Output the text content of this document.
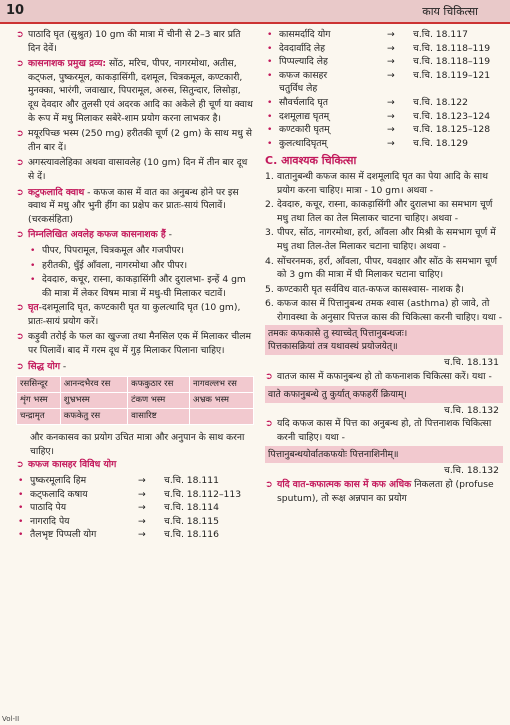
10	काय चिकित्सा
➲ पाठादि घृत (सुश्रुत) 10 gm की मात्रा में चीनी से 2–3 बार प्रति दिन देवें।
➲ कासनाशक प्रमुख द्रव्य: सोंठ, मरिच, पीपर, नागरमोथा, अतीस, कट्फल, पुष्करमूल, काकड़ासिंगी, दशमूल, चित्रकमूल, कण्टकारी, मुनक्का, भारंगी, जवाखार, पिपरामूल, अरुस, सितुन्दार, लिसोड़ा, दूध देवदार और तुलसी एवं अदरक आदि का अकेले ही चूर्ण या क्वाथ के रूप में मधु मिलाकर सबेरे-शाम प्रयोग करना लाभकर है।
➲ मयूरपिच्छ भस्म (250 mg) हरीतकी चूर्ण (2 gm) के साथ मधु से तीन बार दें।
➲ अगस्त्यावलेहिका अथवा वासावलेह (10 gm) दिन में तीन बार दूध से दें।
➲ कटुफलादि क्वाथ - कफज कास में वात का अनुबन्ध होने पर इस क्वाथ में मधु और भुनी हींग का प्रक्षेप कर प्रातः-सायं पिलावें। (चरकसंहिता)
➲ निम्नलिखित अवलेह कफज कासनाशक हैं -
• पीपर, पिपरामूल, चित्रकमूल और गजपीपर।
• हरीतकी, धुँई आँवला, नागरमोथा और पीपर।
• देवदारु, कचूर, रास्ना, काकड़ासिंगी और दुरालभा- इन्हें 4 gm की मात्रा में लेकर विषम मात्रा में मधु-घी मिलाकर चटावें।
➲ घृत-दशमूलादि घृत, कण्टकारी घृत या कुलत्थादि घृत (10 gm), प्रातः-सायं प्रयोग करें।
➲ कड़ुवी तरोई के फल का खुज्जा तथा मैनसिल एक में मिलाकर चीलम पर पिलावें। बाद में गरम दूध में गुड़ मिलाकर पिलाना चाहिए।
➲ सिद्ध योग -
रससिन्दूर	आनन्दभैरव रस	कफकुठार रस	नागवल्लभ रस
शृंग भस्म	शुभ्रभस्म	टंकण भस्म	अभ्रक भस्म
चन्द्रामृत	कफकेतु रस	वासारिष्ट	
और कनकासव का प्रयोग उचित मात्रा और अनुपान के साथ करना चाहिए।
➲ कफज कासहर विविध योग
• पुष्करमूलादि हिम	→	च.चि. 18.111
• कट्फलादि कषाय	→	च.चि. 18.112–113
• पाठादि पेय	→	च.चि. 18.114
• नागरादि पेय	→	च.चि. 18.115
• तैलभृष्ट पिप्पली योग	→	च.चि. 18.116
• कासमर्दादि योग	→	च.चि. 18.117
• देवदार्वादि लेह	→	च.चि. 18.118–119
• पिप्पल्यादि लेह	→	च.चि. 18.118–119
• कफज कासहर	→	च.चि. 18.119–121
चतुर्विध लेह
• सौवर्चलादि घृत	→	च.चि. 18.122
• दशमूलाद्य घृतम्	→	च.चि. 18.123–124
• कण्टकारी घृतम्	→	च.चि. 18.125–128
• कुलत्थादिघृतम्	→	च.चि. 18.129
C. आवश्यक चिकित्सा
1. वातानुबन्धी कफज कास में दशमूलादि घृत का पेया आदि के साथ प्रयोग करना चाहिए। मात्रा - 10 gm। अथवा -
2. देवदारु, कचूर, रास्ना, काकड़ासिंगी और दुरालभा का समभाग चूर्ण मधु तथा तिल का तेल मिलाकर चाटना चाहिए। अथवा -
3. पीपर, सोंठ, नागरमोथा, हर्रा, आँवला और मिश्री के समभाग चूर्ण में मधु तथा तिल-तेल मिलाकर चटाना चाहिए। अथवा -
4. सोंचरनमक, हर्रा, आँवला, पीपर, यवक्षार और सोंठ के समभाग चूर्ण को 3 gm की मात्रा में घी मिलाकर चटाना चाहिए।
5. कण्टकारी घृत सर्वविध वात-कफज कासश्वास- नाशक है।
6. कफज कास में पित्तानुबन्ध तमक श्वास (asthma) हो जावे, तो रोगावस्था के अनुसार पित्तज कास की चिकित्सा करनी चाहिए। यथा -
तमकः कफकासे तु स्याच्चेत् पित्तानुबन्धजः।
पित्तकासक्रियां तत्र यथावस्थं प्रयोजयेत्॥
च.चि. 18.131
➲ वातज कास में कफानुबन्ध हो तो कफनाशक चिकित्सा करें। यथा -
वाते कफानुबन्धे तु कुर्यात् कफहरीं क्रियाम्।
च.चि. 18.132
➲ यदि कफज कास में पित्त का अनुबन्ध हो, तो पित्तनाशक चिकित्सा करनी चाहिए। यथा -
पित्तानुबन्धयोर्वातकफयोः पित्तनाशिनीम्॥
च.चि. 18.132
➲ यदि वात-कफात्मक कास में कफ अधिक निकलता हो (profuse sputum), तो रूक्ष अन्नपान का प्रयोग
Vol-II
